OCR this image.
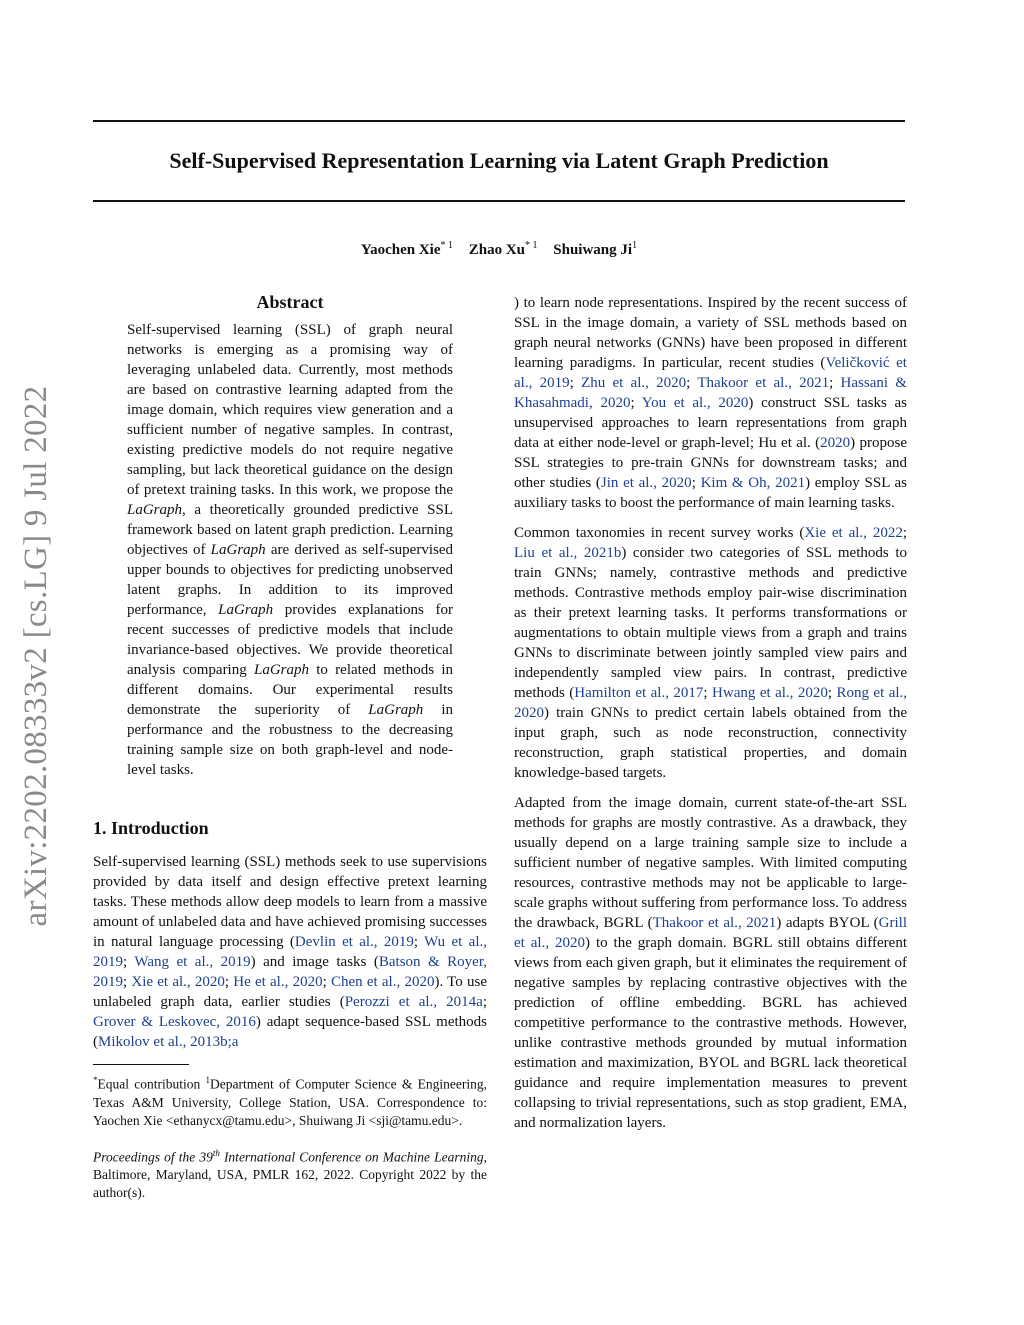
Self-Supervised Representation Learning via Latent Graph Prediction
Yaochen Xie$^{* 1}$ Zhao Xu$^{* 1}$ Shuiwang Ji$^1$
arXiv:2202.08333v2 [cs.LG] 9 Jul 2022
Abstract

Self-supervised learning (SSL) of graph neural networks is emerging as a promising way of leveraging unlabeled data. Currently, most methods are based on contrastive learning adapted from the image domain, which requires view generation and a sufficient number of negative samples. In contrast, existing predictive models do not require negative sampling, but lack theoretical guidance on the design of pretext training tasks. In this work, we propose the LaGraph, a theoretically grounded predictive SSL framework based on latent graph prediction. Learning objectives of LaGraph are derived as self-supervised upper bounds to objectives for predicting unobserved latent graphs. In addition to its improved performance, LaGraph provides explanations for recent successes of predictive models that include invariance-based objectives. We provide theoretical analysis comparing LaGraph to related methods in different domains. Our experimental results demonstrate the superiority of LaGraph in performance and the robustness to the decreasing training sample size on both graph-level and node-level tasks.

1. Introduction

Self-supervised learning (SSL) methods seek to use supervisions provided by data itself and design effective pretext learning tasks. These methods allow deep models to learn from a massive amount of unlabeled data and have achieved promising successes in natural language processing (Devlin et al., 2019; Wu et al., 2019; Wang et al., 2019) and image tasks (Batson & Royer, 2019; Xie et al., 2020; He et al., 2020; Chen et al., 2020). To use unlabeled graph data, earlier studies (Perozzi et al., 2014a; Grover & Leskovec, 2016) adapt sequence-based SSL methods (Mikolov et al., 2013b;a

*Equal contribution $^1$Department of Computer Science & Engineering, Texas A&M University, College Station, USA. Correspondence to: Yaochen Xie <ethanycx@tamu.edu>, Shuiwang Ji <sji@tamu.edu>.

Proceedings of the 39th International Conference on Machine Learning, Baltimore, Maryland, USA, PMLR 162, 2022. Copyright 2022 by the author(s).

) to learn node representations. Inspired by the recent success of SSL in the image domain, a variety of SSL methods based on graph neural networks (GNNs) have been proposed in different learning paradigms. In particular, recent studies (Veličković et al., 2019; Zhu et al., 2020; Thakoor et al., 2021; Hassani & Khasahmadi, 2020; You et al., 2020) construct SSL tasks as unsupervised approaches to learn representations from graph data at either node-level or graph-level; Hu et al. (2020) propose SSL strategies to pre-train GNNs for downstream tasks; and other studies (Jin et al., 2020; Kim & Oh, 2021) employ SSL as auxiliary tasks to boost the performance of main learning tasks.

Common taxonomies in recent survey works (Xie et al., 2022; Liu et al., 2021b) consider two categories of SSL methods to train GNNs; namely, contrastive methods and predictive methods. Contrastive methods employ pair-wise discrimination as their pretext learning tasks. It performs transformations or augmentations to obtain multiple views from a graph and trains GNNs to discriminate between jointly sampled view pairs and independently sampled view pairs. In contrast, predictive methods (Hamilton et al., 2017; Hwang et al., 2020; Rong et al., 2020) train GNNs to predict certain labels obtained from the input graph, such as node reconstruction, connectivity reconstruction, graph statistical properties, and domain knowledge-based targets.

Adapted from the image domain, current state-of-the-art SSL methods for graphs are mostly contrastive. As a drawback, they usually depend on a large training sample size to include a sufficient number of negative samples. With limited computing resources, contrastive methods may not be applicable to large-scale graphs without suffering from performance loss. To address the drawback, BGRL (Thakoor et al., 2021) adapts BYOL (Grill et al., 2020) to the graph domain. BGRL still obtains different views from each given graph, but it eliminates the requirement of negative samples by replacing contrastive objectives with the prediction of offline embedding. BGRL has achieved competitive performance to the contrastive methods. However, unlike contrastive methods grounded by mutual information estimation and maximization, BYOL and BGRL lack theoretical guidance and require implementation measures to prevent collapsing to trivial representations, such as stop gradient, EMA, and normalization layers.
